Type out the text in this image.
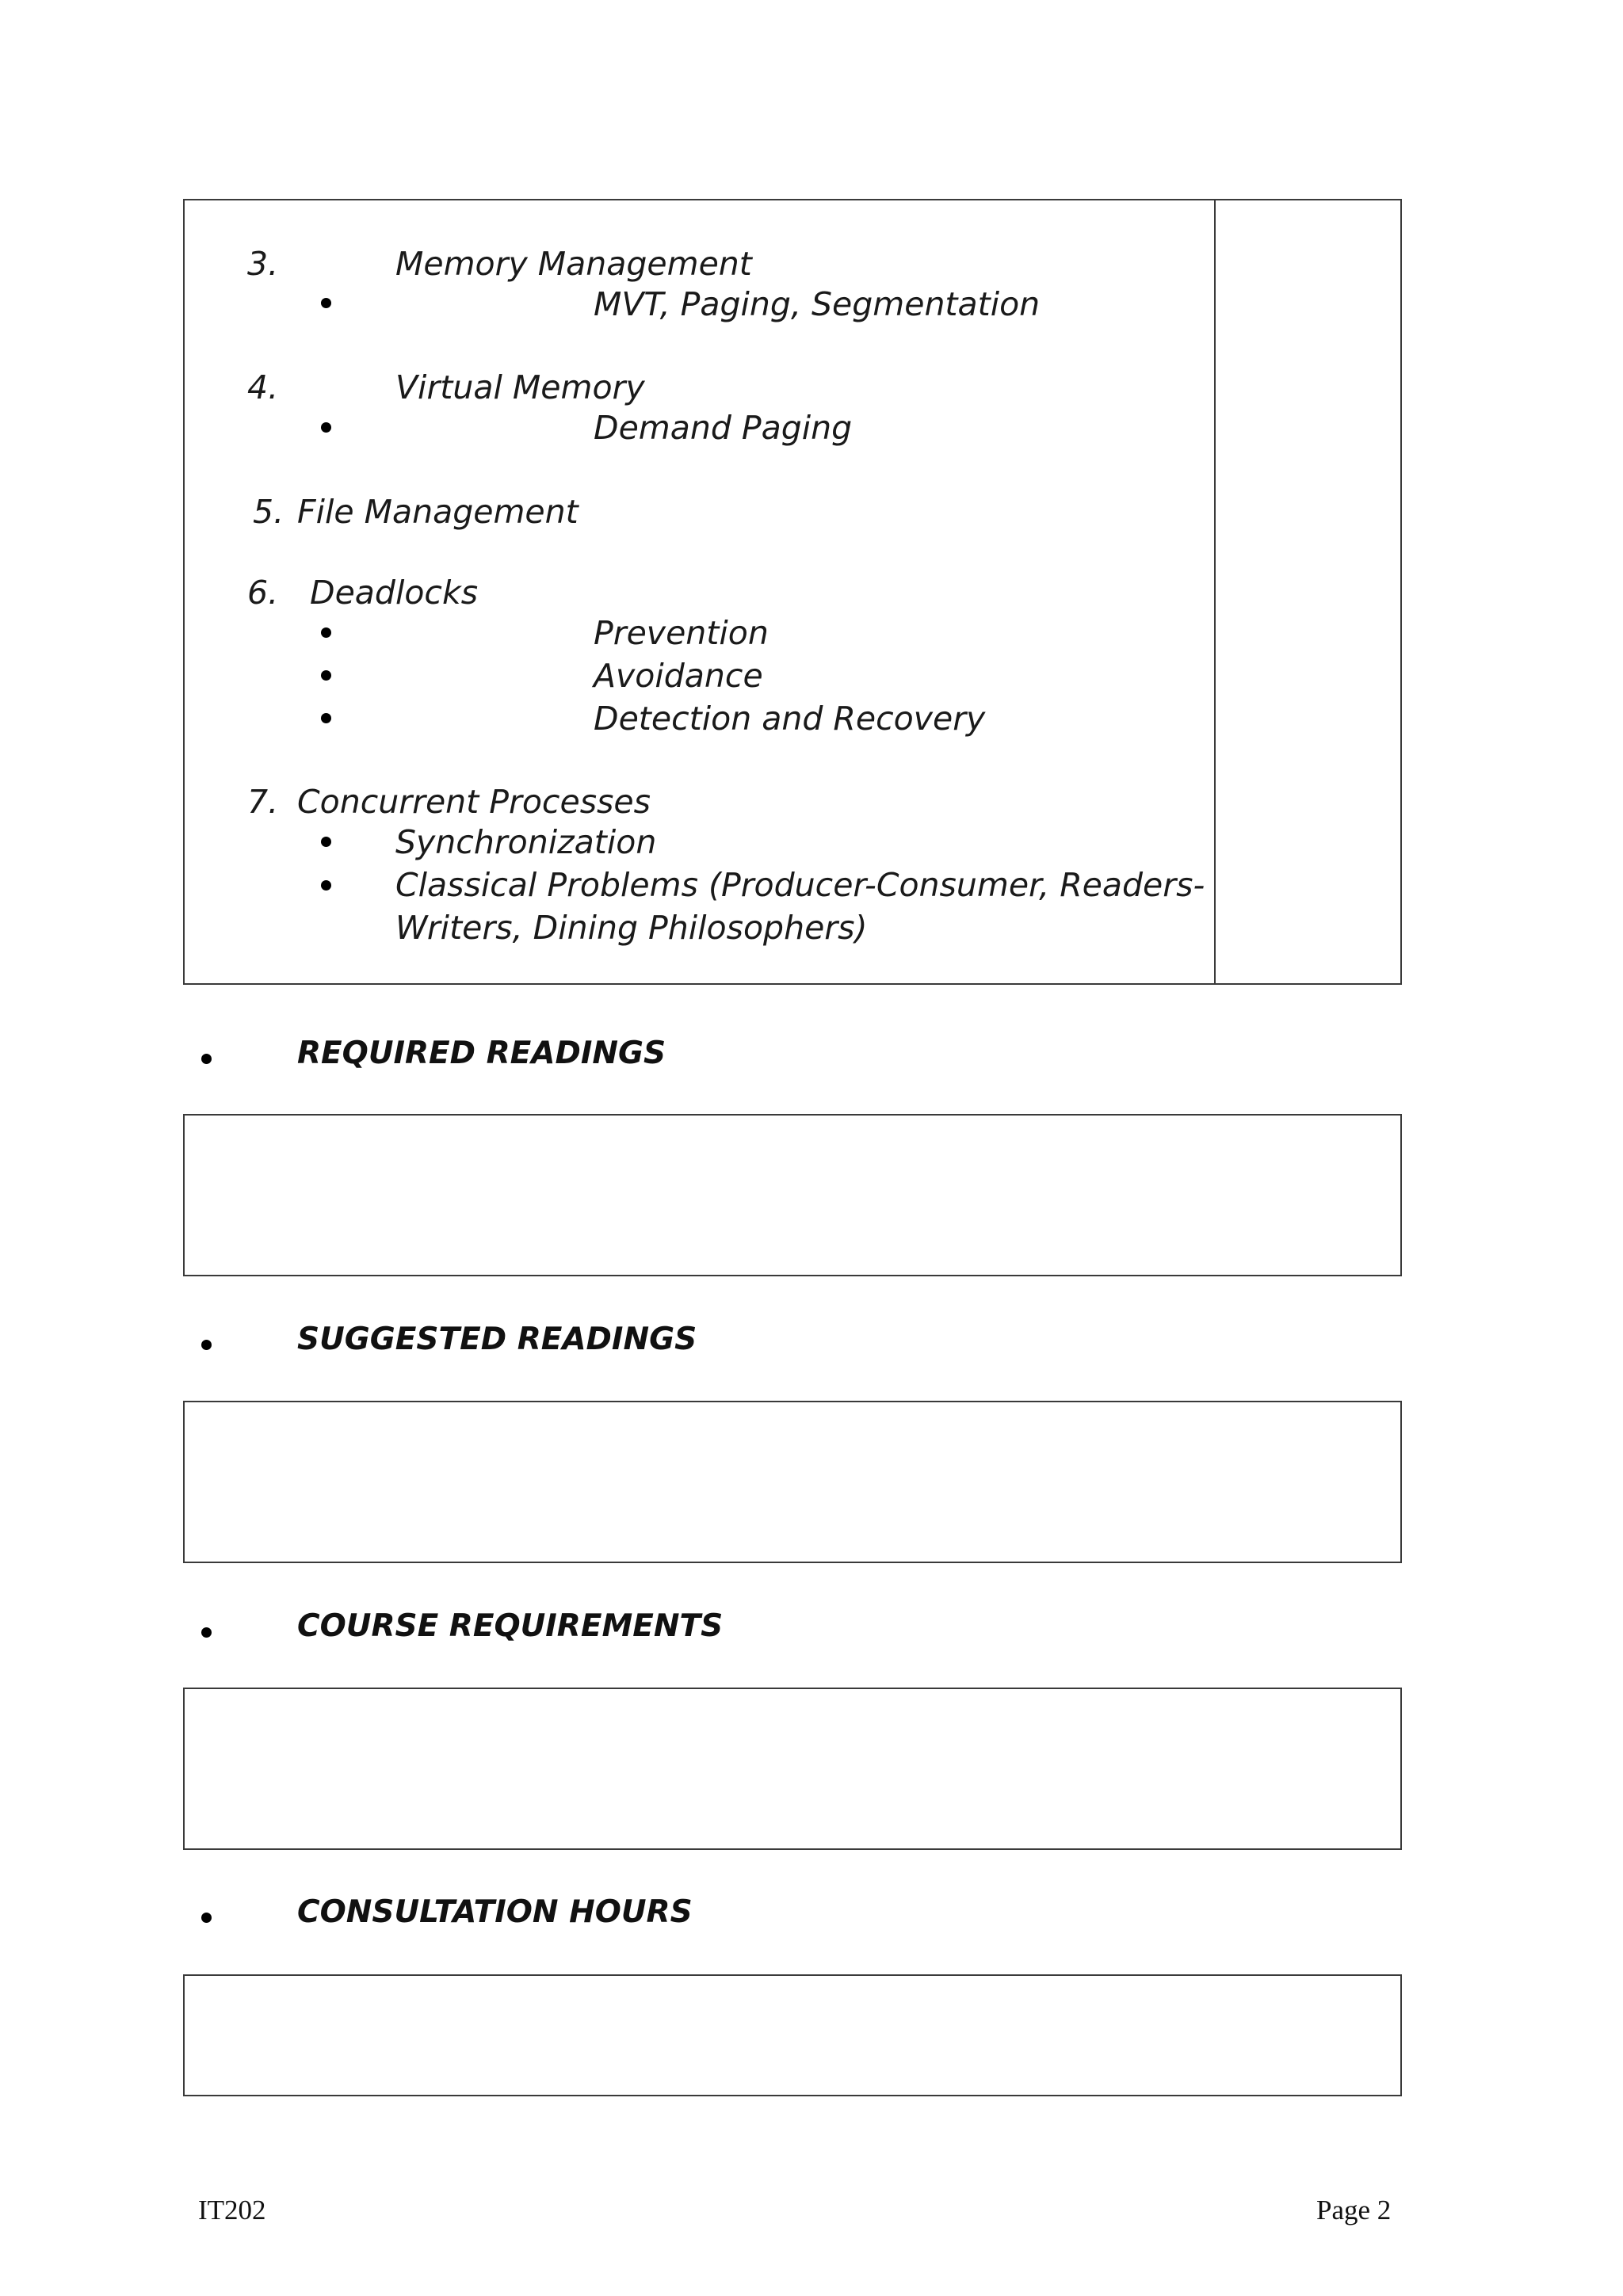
3.	Memory Management
MVT, Paging, Segmentation
4.	Virtual Memory
Demand Paging
5. File Management
6. Deadlocks
Prevention
Avoidance
Detection and Recovery
7. Concurrent Processes
Synchronization
Classical Problems (Producer-Consumer, Readers-
Writers, Dining Philosophers)
REQUIRED READINGS
SUGGESTED READINGS
COURSE REQUIREMENTS
CONSULTATION HOURS
IT202	Page 2
